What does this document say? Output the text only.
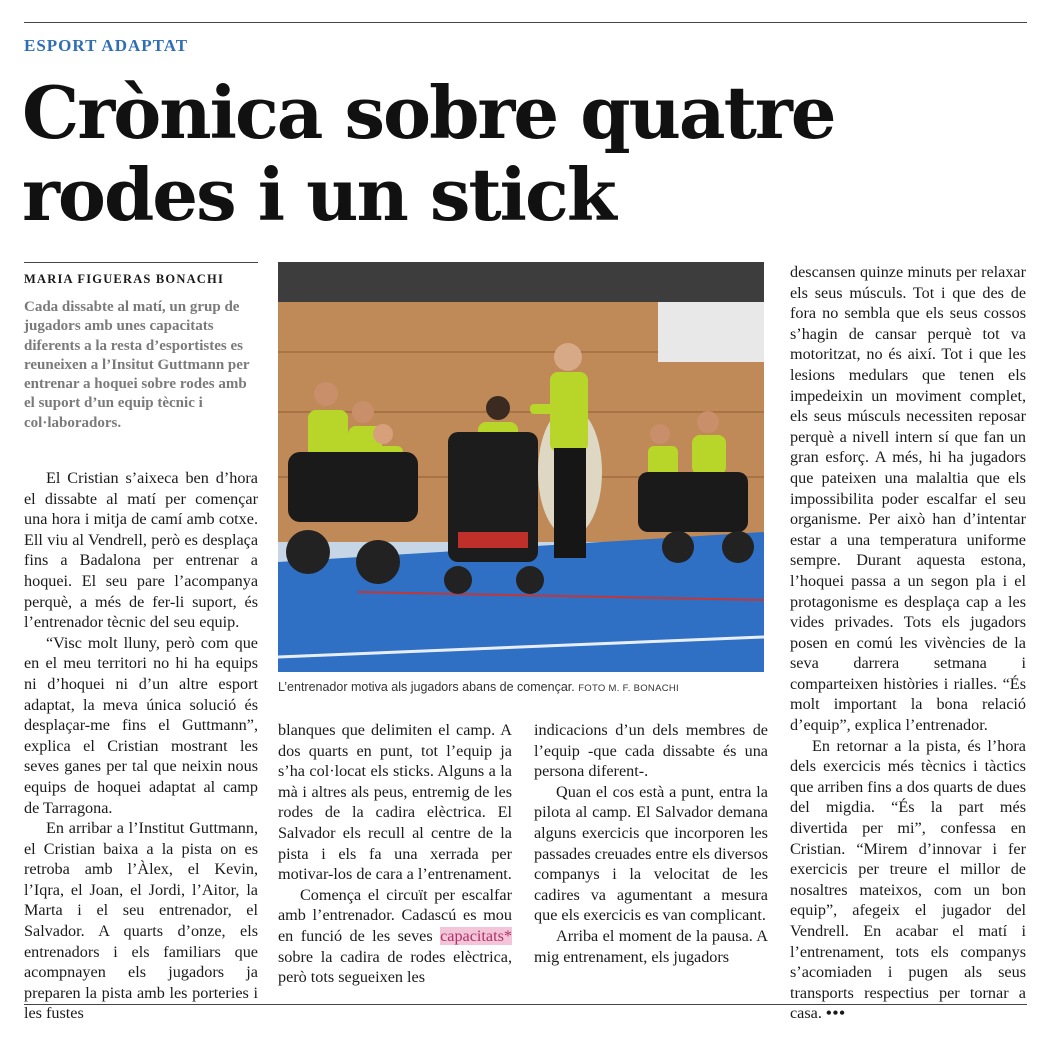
ESPORT ADAPTAT
Crònica sobre quatre
rodes i un stick
MARIA FIGUERAS BONACHI
Cada dissabte al matí, un grup de jugadors amb unes capacitats diferents a la resta d’esportistes es reuneixen a l’Insitut Guttmann per entrenar a hoquei sobre rodes amb el suport d’un equip tècnic i col·laboradors.
L’entrenador motiva als jugadors abans de començar. FOTO M. F. BONACHI

El Cristian s’aixeca ben d’hora el dissabte al matí per començar una hora i mitja de camí amb cotxe. Ell viu al Vendrell, però es desplaça fins a Badalona per entrenar a hoquei. El seu pare l’acompanya perquè, a més de fer-li suport, és l’entrenador tècnic del seu equip.

“Visc molt lluny, però com que en el meu territori no hi ha equips ni d’hoquei ni d’un altre esport adaptat, la meva única solució és desplaçar-me fins el Guttmann”, explica el Cristian mostrant les seves ganes per tal que neixin nous equips de hoquei adaptat al camp de Tarragona.

En arribar a l’Institut Guttmann, el Cristian baixa a la pista on es retroba amb l’Àlex, el Kevin, l’Iqra, el Joan, el Jordi, l’Aitor, la Marta i el seu entrenador, el Salvador. A quarts d’onze, els entrenadors i els familiars que acompnayen els jugadors ja preparen la pista amb les porteries i les fustes

blanques que delimiten el camp. A dos quarts en punt, tot l’equip ja s’ha col·locat els sticks. Alguns a la mà i altres als peus, entremig de les rodes de la cadira elèctrica. El Salvador els recull al centre de la pista i els fa una xerrada per motivar-los de cara a l’entrenament.

Comença el circuït per escalfar amb l’entrenador. Cadascú es mou en funció de les seves capacitats* sobre la cadira de rodes elèctrica, però tots segueixen les

indicacions d’un dels membres de l’equip -que cada dissabte és una persona diferent-.

Quan el cos està a punt, entra la pilota al camp. El Salvador demana alguns exercicis que incorporen les passades creuades entre els diversos companys i la velocitat de les cadires va agumentant a mesura que els exercicis es van complicant.

Arriba el moment de la pausa. A mig entrenament, els jugadors

descansen quinze minuts per relaxar els seus músculs. Tot i que des de fora no sembla que els seus cossos s’hagin de cansar perquè tot va motoritzat, no és així. Tot i que les lesions medulars que tenen els impedeixin un moviment complet, els seus músculs necessiten reposar perquè a nivell intern sí que fan un gran esforç. A més, hi ha jugadors que pateixen una malaltia que els impossibilita poder escalfar el seu organisme. Per això han d’intentar estar a una temperatura uniforme sempre. Durant aquesta estona, l’hoquei passa a un segon pla i el protagonisme es desplaça cap a les vides privades. Tots els jugadors posen en comú les vivències de la seva darrera setmana i comparteixen històries i rialles. “És molt important la bona relació d’equip”, explica l’entrenador.

En retornar a la pista, és l’hora dels exercicis més tècnics i tàctics que arriben fins a dos quarts de dues del migdia. “És la part més divertida per mi”, confessa en Cristian. “Mirem d’innovar i fer exercicis per treure el millor de nosaltres mateixos, com un bon equip”, afegeix el jugador del Vendrell. En acabar el matí i l’entrenament, tots els companys s’acomiaden i pugen als seus transports respectius per tornar a casa. •••
